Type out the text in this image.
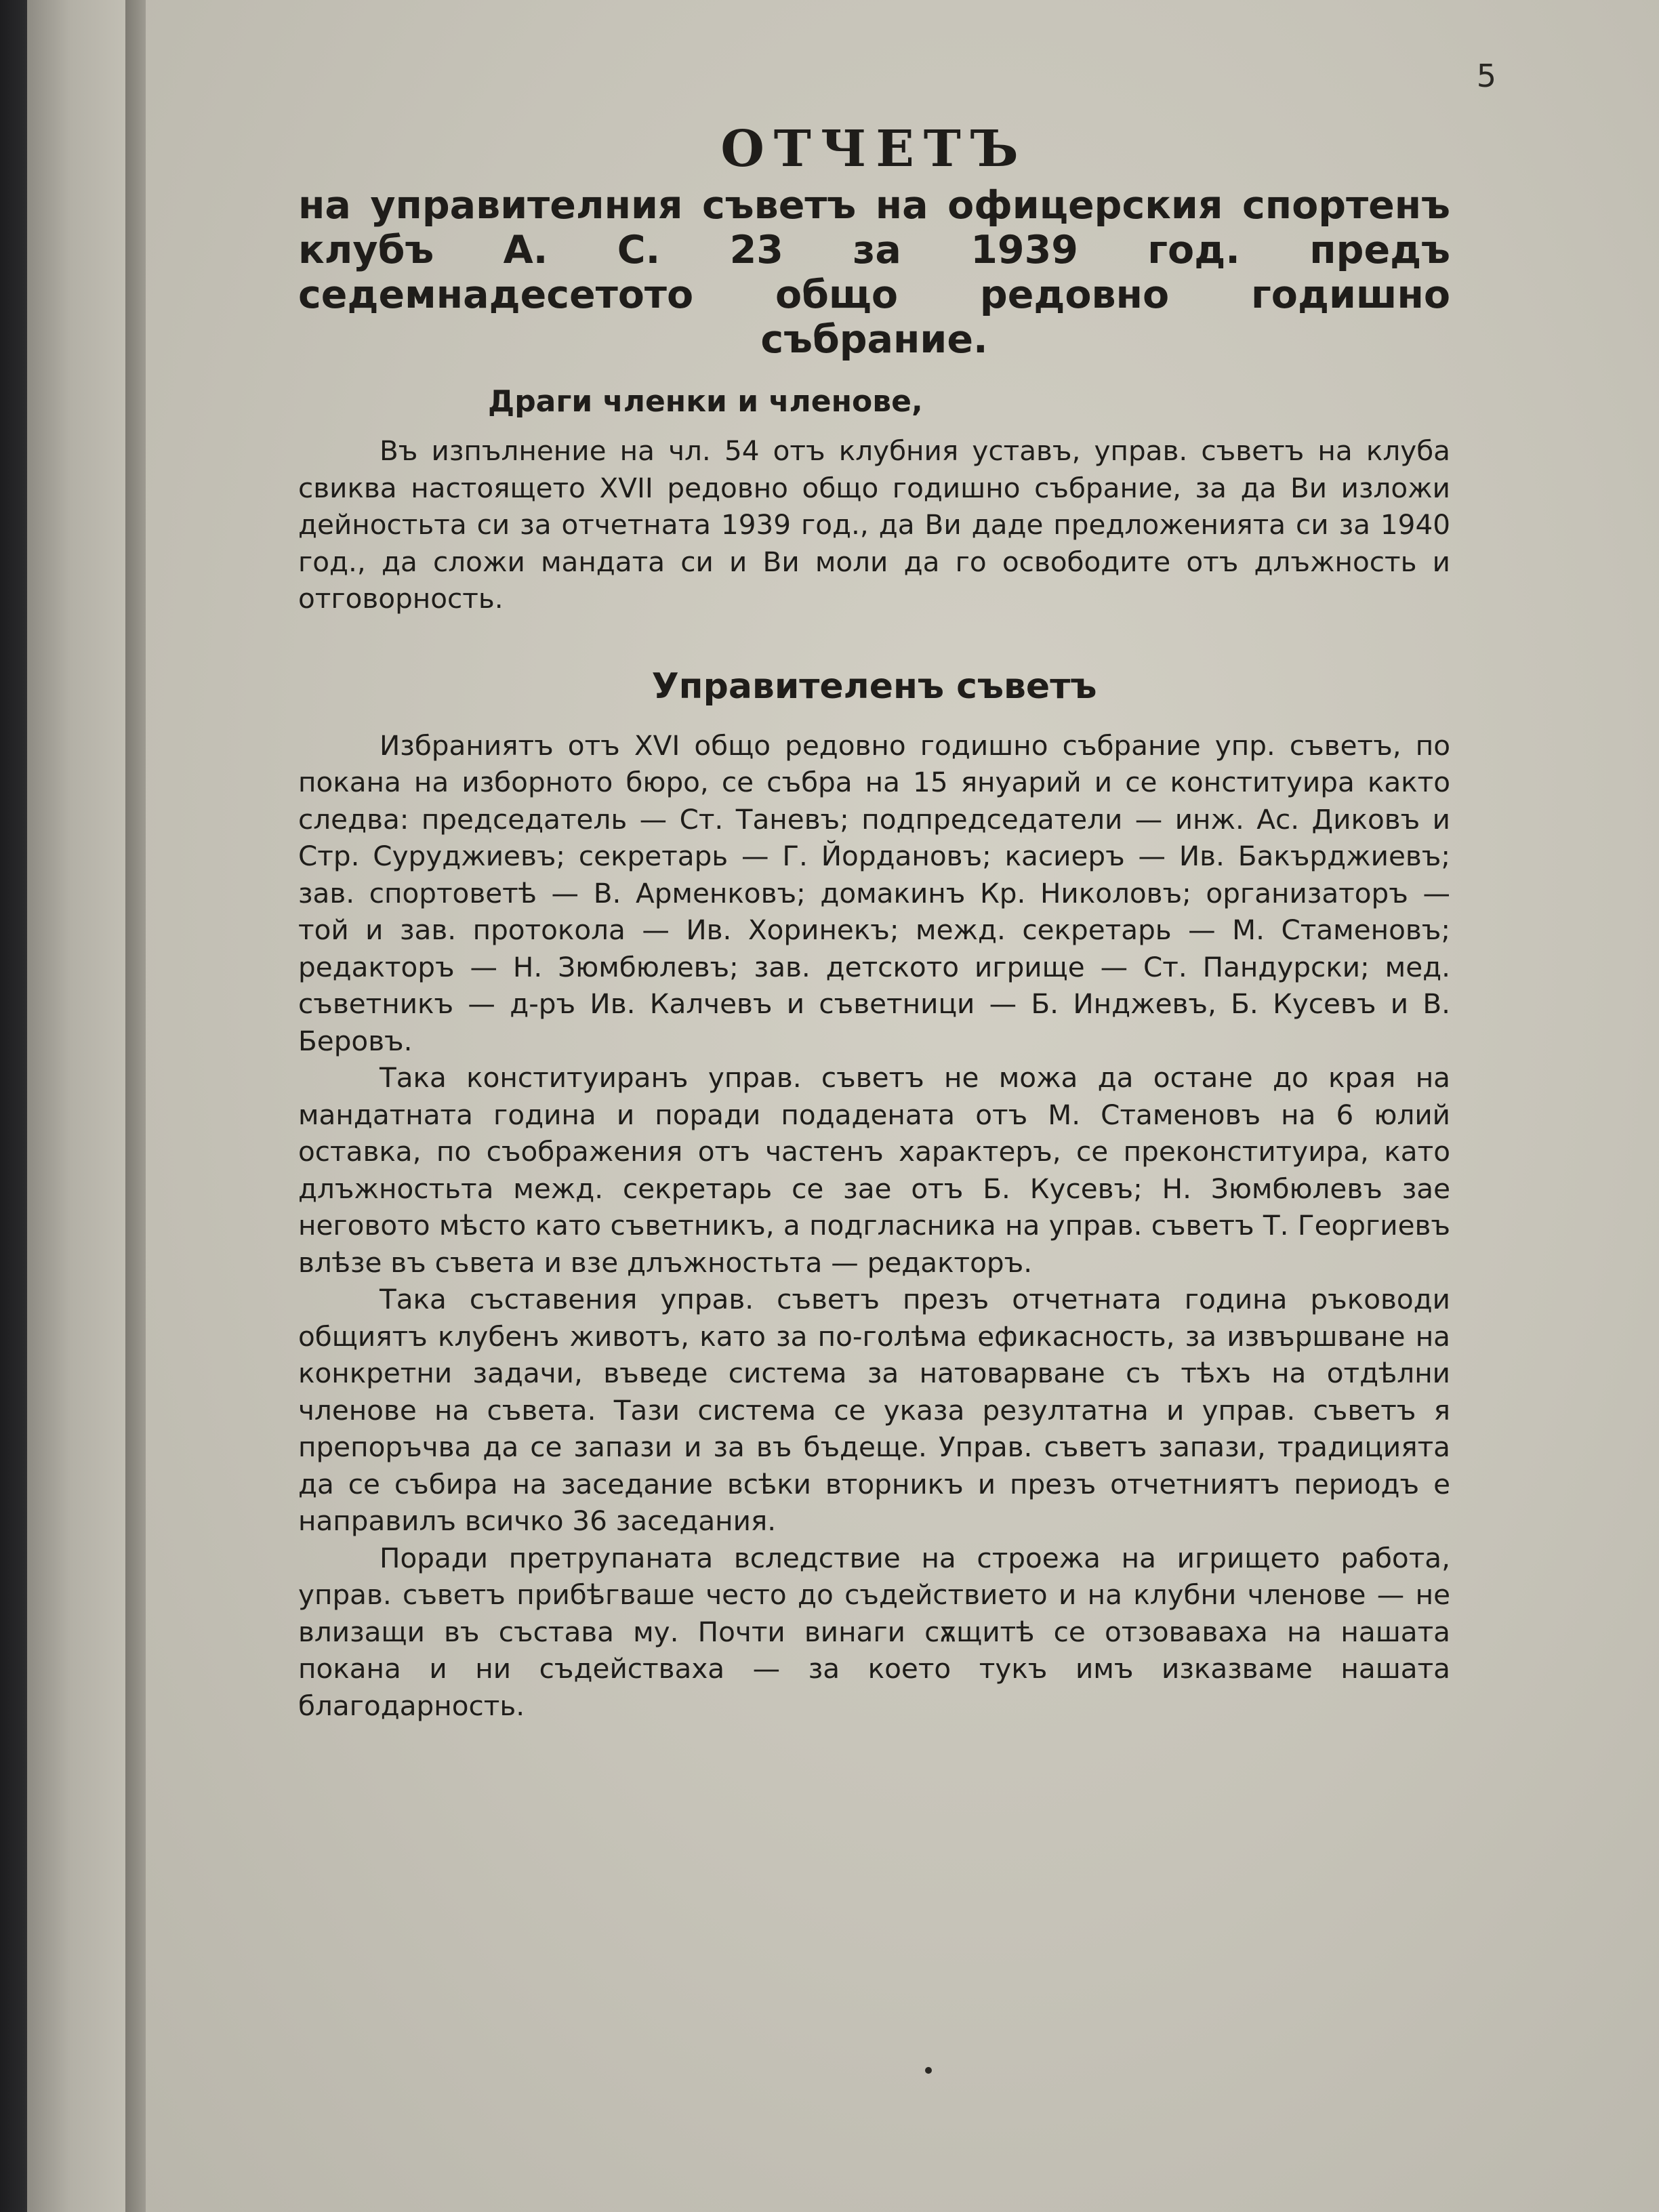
5
ОТЧЕТЪ
на управителния съветъ на офицерския спортенъ клубъ А. С. 23 за 1939 год. предъ седемнадесетото общо редовно годишно събрание.
Драги членки и членове,

Въ изпълнение на чл. 54 отъ клубния уставъ, управ. съветъ на клуба свиква настоящето XVII редовно общо годишно събрание, за да Ви изложи дейностьта си за отчетната 1939 год., да Ви даде предложенията си за 1940 год., да сложи мандата си и Ви моли да го освободите отъ длъжность и отговорность.

Управителенъ съветъ

Избраниятъ отъ XVI общо редовно годишно събрание упр. съветъ, по покана на изборното бюро, се събра на 15 януарий и се конституира както следва: председатель — Ст. Таневъ; подпредседатели — инж. Ас. Диковъ и Стр. Суруджиевъ; секретарь — Г. Йордановъ; касиеръ — Ив. Бакърджиевъ; зав. спортоветѣ — В. Арменковъ; домакинъ Кр. Николовъ; организаторъ — той и зав. протокола — Ив. Хоринекъ; межд. секретарь — М. Стаменовъ; редакторъ — Н. Зюмбюлевъ; зав. детското игрище — Ст. Пандурски; мед. съветникъ — д-ръ Ив. Калчевъ и съветници — Б. Инджевъ, Б. Кусевъ и В. Беровъ.

Така конституиранъ управ. съветъ не можа да остане до края на мандатната година и поради подадената отъ М. Стаменовъ на 6 юлий оставка, по съображения отъ частенъ характеръ, се преконституира, като длъжностьта межд. секретарь се зае отъ Б. Кусевъ; Н. Зюмбюлевъ зае неговото мѣсто като съветникъ, а подгласника на управ. съветъ Т. Георгиевъ влѣзе въ съвета и взе длъжностьта — редакторъ.

Така съставения управ. съветъ презъ отчетната година ръководи общиятъ клубенъ животъ, като за по-голѣма ефикасность, за извършване на конкретни задачи, въведе система за натоварване съ тѣхъ на отдѣлни членове на съвета. Тази система се указа резултатна и управ. съветъ я препоръчва да се запази и за въ бъдеще. Управ. съветъ запази, традицията да се събира на заседание всѣки вторникъ и презъ отчетниятъ периодъ е направилъ всичко 36 заседания.

Поради претрупаната вследствие на строежа на игрището работа, управ. съветъ прибѣгваше често до съдействието и на клубни членове — не влизащи въ състава му. Почти винаги сѫщитѣ се отзоваваха на нашата покана и ни съдействаха — за което тукъ имъ изказваме нашата благодарность.
